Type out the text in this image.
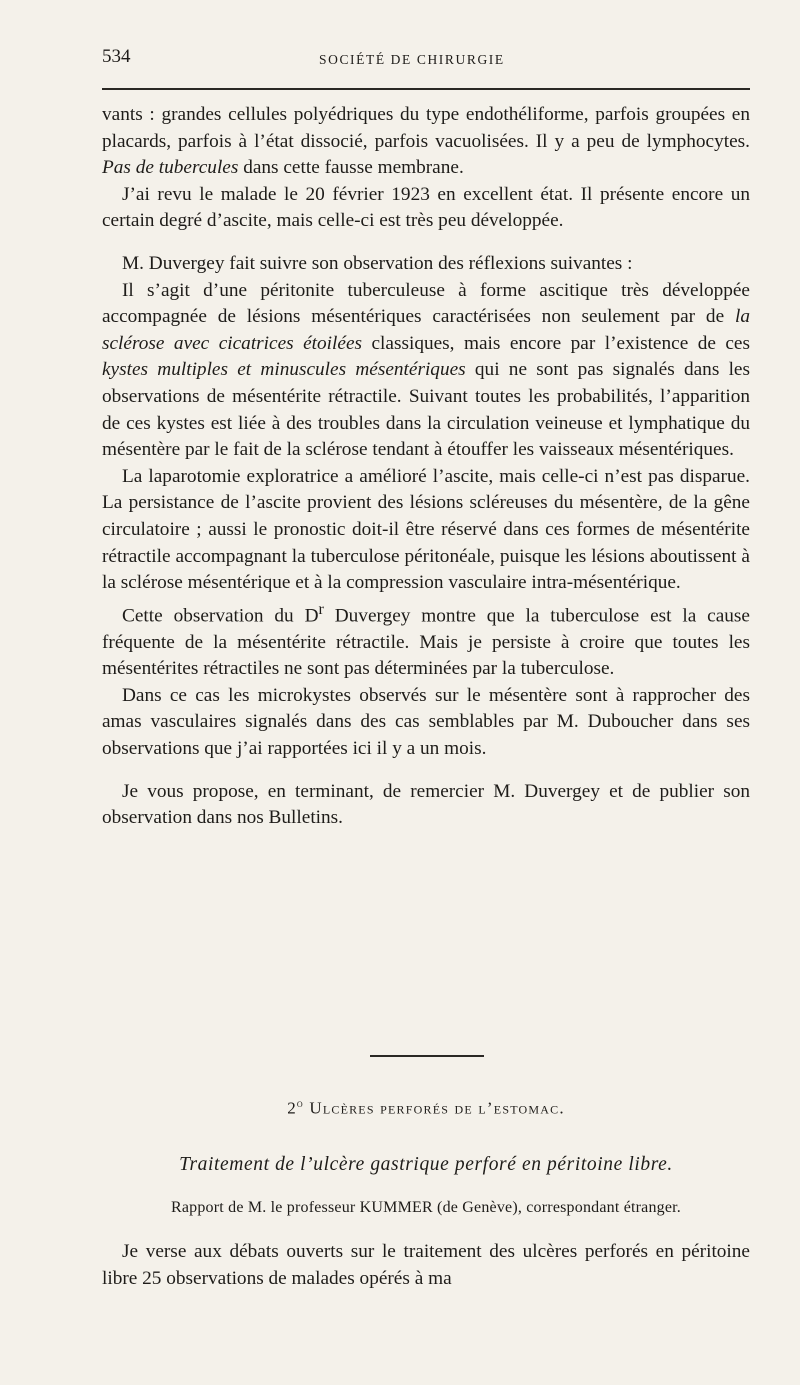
534	SOCIÉTÉ DE CHIRURGIE

vants : grandes cellules polyédriques du type endothéliforme, parfois groupées en placards, parfois à l’état dissocié, parfois vacuolisées. Il y a peu de lymphocytes. Pas de tubercules dans cette fausse membrane.

J’ai revu le malade le 20 février 1923 en excellent état. Il présente encore un certain degré d’ascite, mais celle-ci est très peu développée.

M. Duvergey fait suivre son observation des réflexions suivantes :

Il s’agit d’une péritonite tuberculeuse à forme ascitique très développée accompagnée de lésions mésentériques caractérisées non seulement par de la sclérose avec cicatrices étoilées classiques, mais encore par l’existence de ces kystes multiples et minuscules mésentériques qui ne sont pas signalés dans les observations de mésentérite rétractile. Suivant toutes les probabilités, l’apparition de ces kystes est liée à des troubles dans la circulation veineuse et lymphatique du mésentère par le fait de la sclérose tendant à étouffer les vaisseaux mésentériques.

La laparotomie exploratrice a amélioré l’ascite, mais celle-ci n’est pas disparue. La persistance de l’ascite provient des lésions scléreuses du mésentère, de la gêne circulatoire ; aussi le pronostic doit-il être réservé dans ces formes de mésentérite rétractile accompagnant la tuberculose péritonéale, puisque les lésions aboutissent à la sclérose mésentérique et à la compression vasculaire intra-mésentérique.

Cette observation du $D^r$ Duvergey montre que la tuberculose est la cause fréquente de la mésentérite rétractile. Mais je persiste à croire que toutes les mésentérites rétractiles ne sont pas déterminées par la tuberculose.

Dans ce cas les microkystes observés sur le mésentère sont à rapprocher des amas vasculaires signalés dans des cas semblables par M. Duboucher dans ses observations que j’ai rapportées ici il y a un mois.

Je vous propose, en terminant, de remercier M. Duvergey et de publier son observation dans nos Bulletins.

2$^o$ Ulcères perforés de l’estomac.
Traitement de l’ulcère gastrique perforé en péritoine libre.
Rapport de M. le professeur KUMMER (de Genève), correspondant étranger.

Je verse aux débats ouverts sur le traitement des ulcères perforés en péritoine libre 25 observations de malades opérés à ma
